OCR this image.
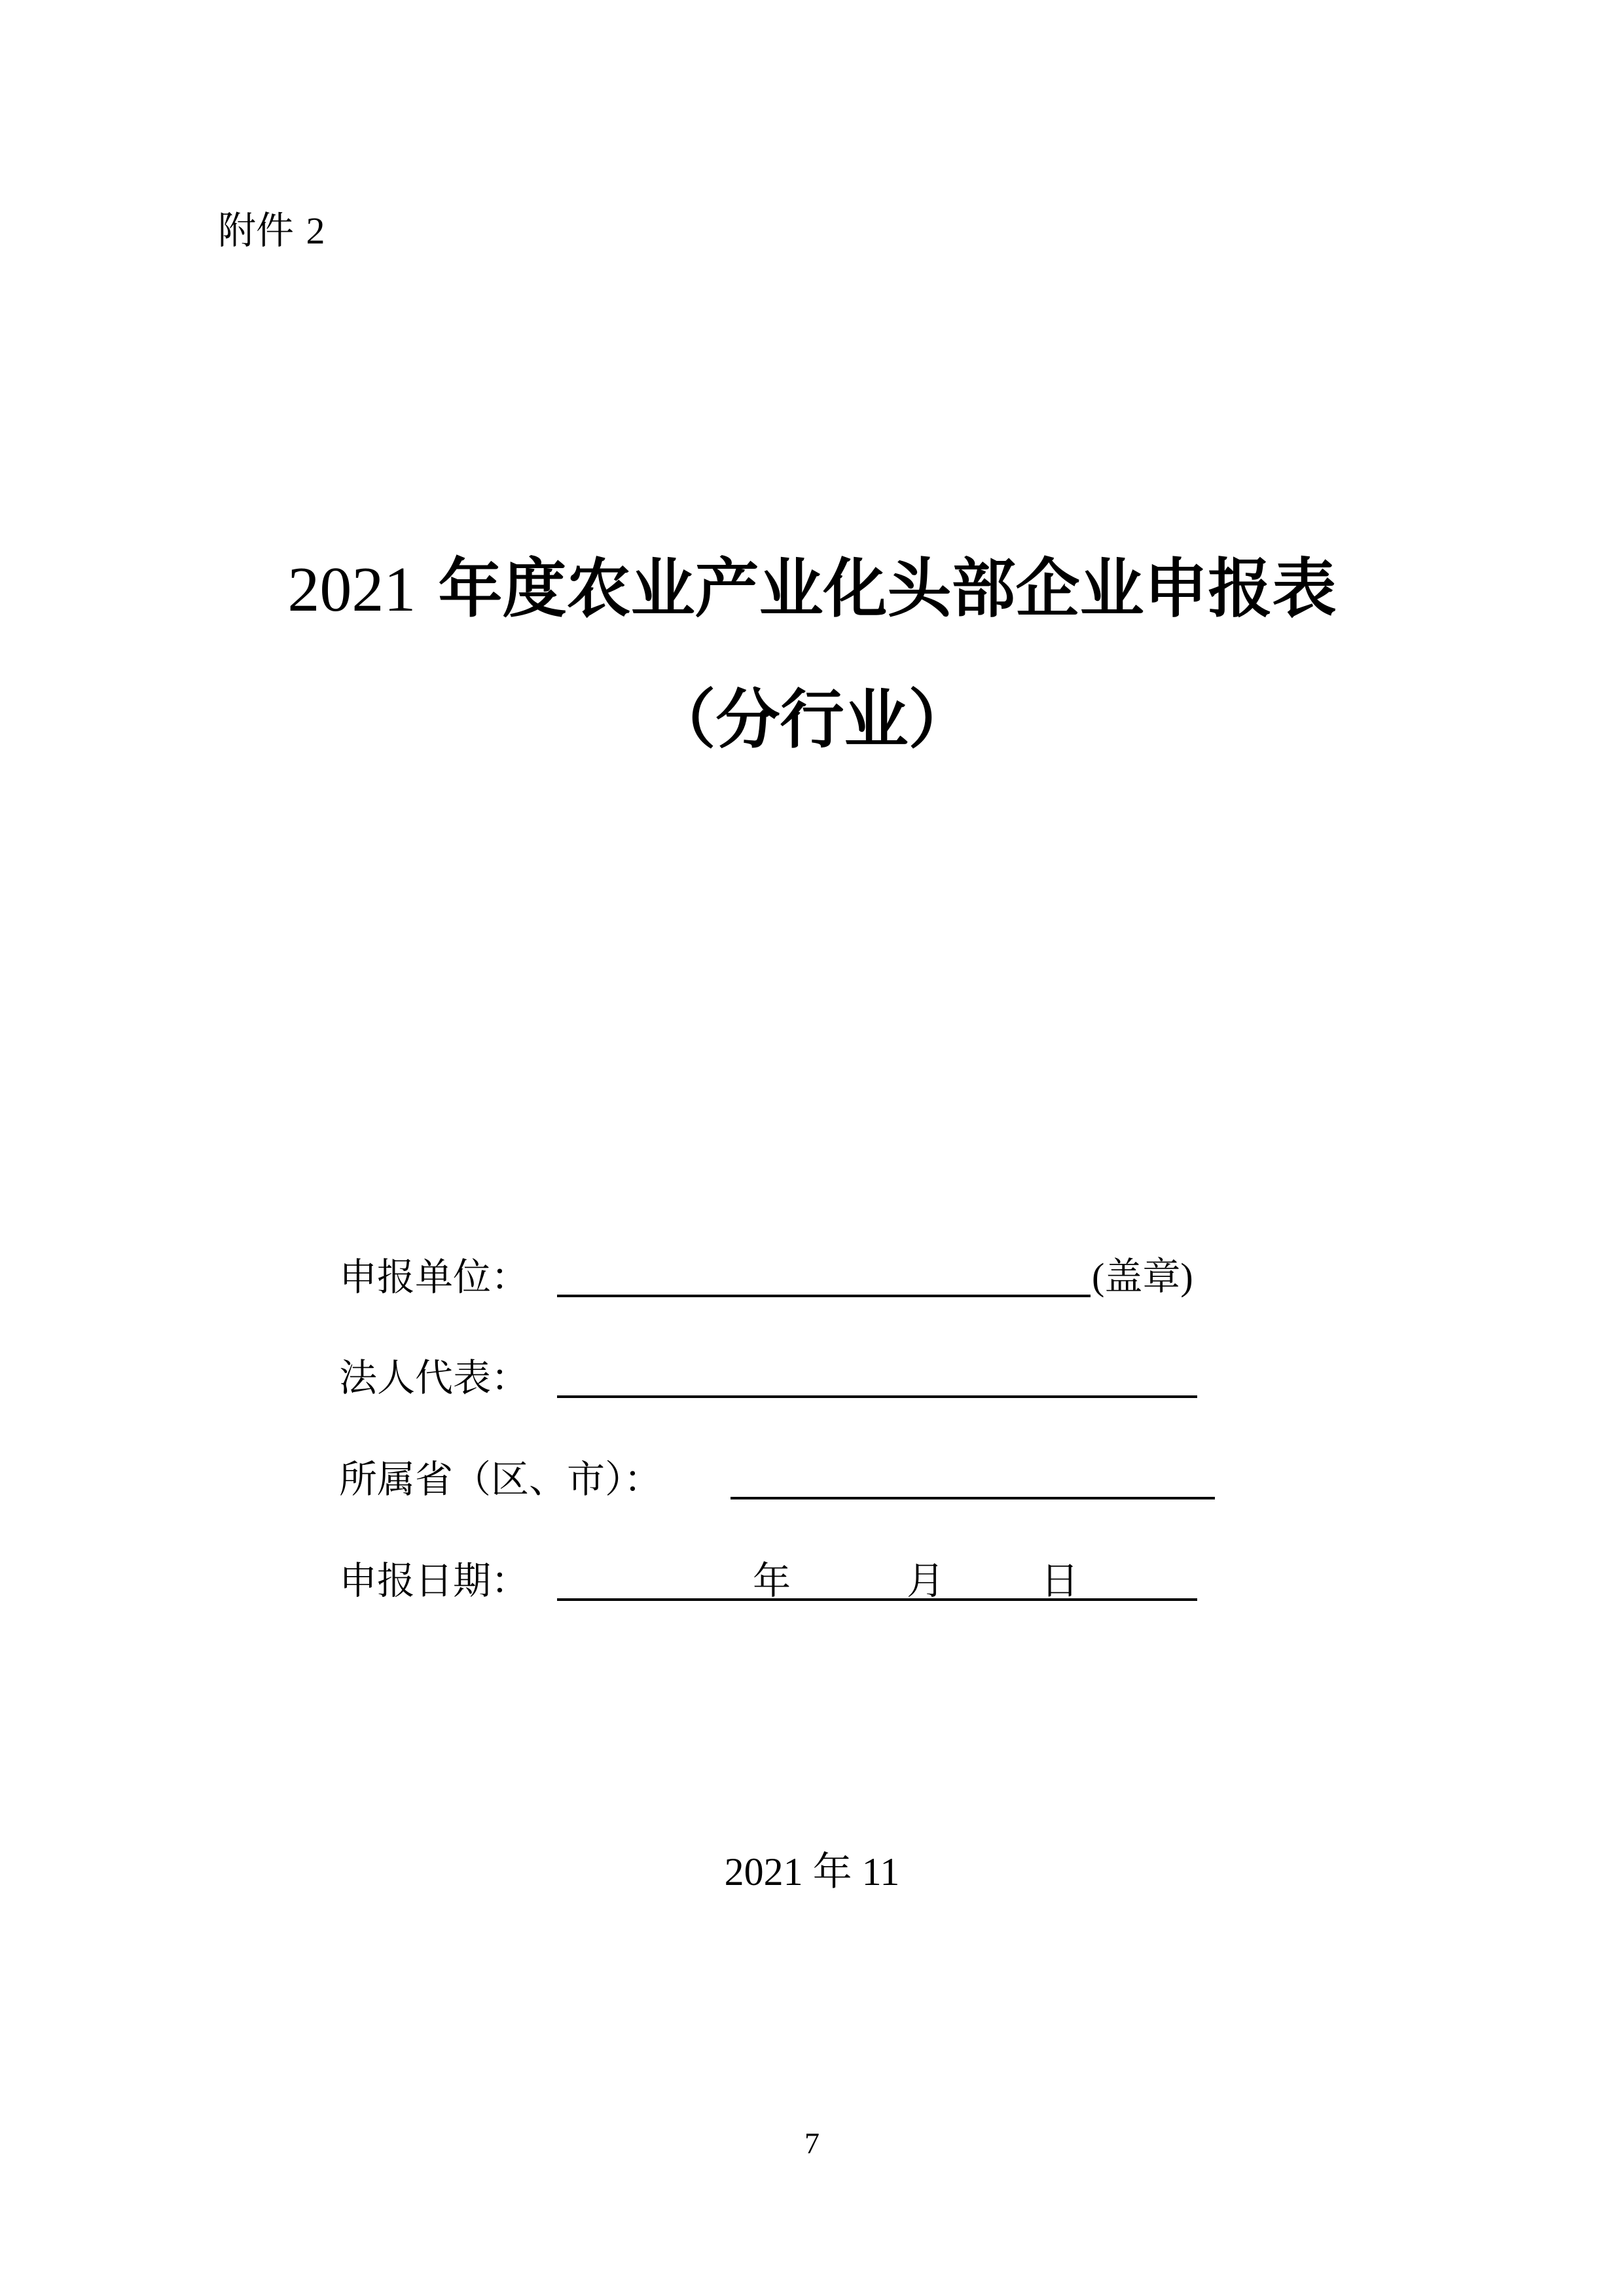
附件 2
2021 年度农业产业化头部企业申报表
（分行业）
申报单位：	(盖章)
法人代表：
所属省（区、市）：
申报日期：	年	月	日
2021 年 11
7
